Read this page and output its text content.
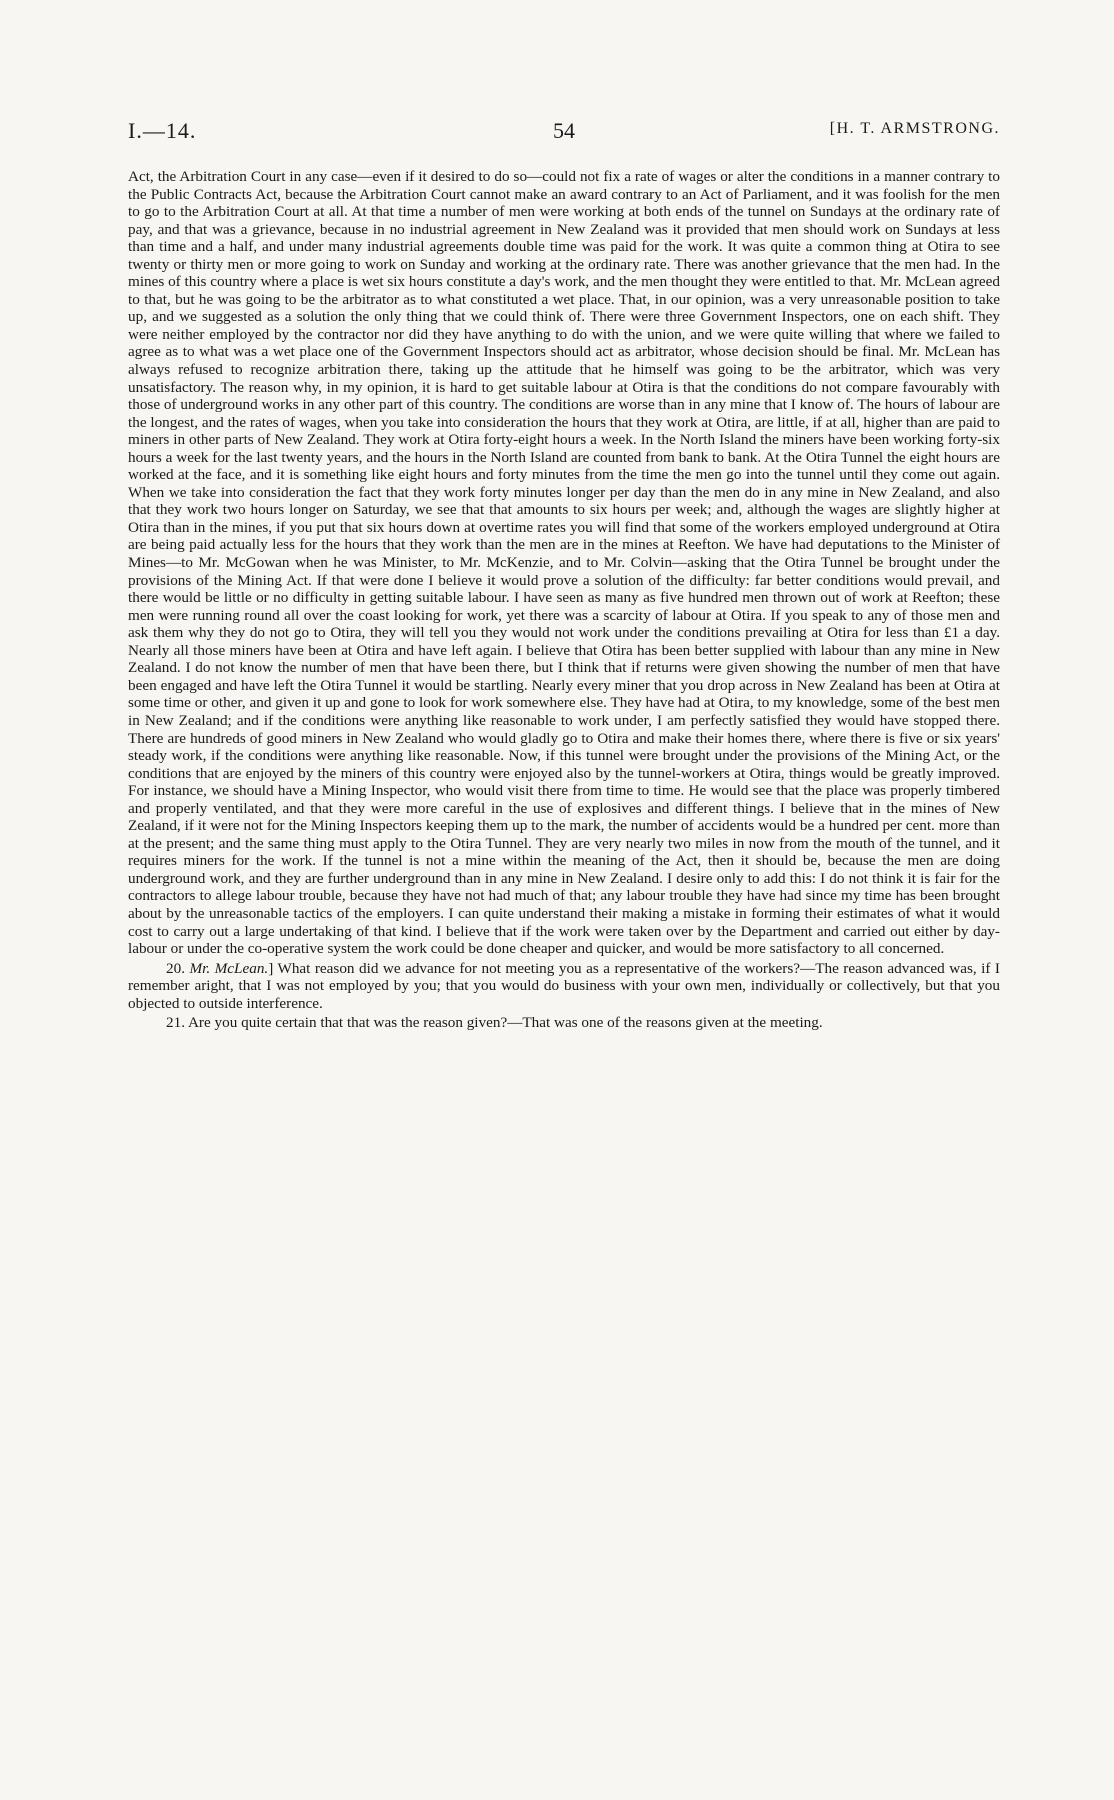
I.—14.	54	[H. T. ARMSTRONG.

Act, the Arbitration Court in any case—even if it desired to do so—could not fix a rate of wages or alter the conditions in a manner contrary to the Public Contracts Act, because the Arbitration Court cannot make an award contrary to an Act of Parliament, and it was foolish for the men to go to the Arbitration Court at all. At that time a number of men were working at both ends of the tunnel on Sundays at the ordinary rate of pay, and that was a grievance, because in no industrial agreement in New Zealand was it provided that men should work on Sundays at less than time and a half, and under many industrial agreements double time was paid for the work. It was quite a common thing at Otira to see twenty or thirty men or more going to work on Sunday and working at the ordinary rate. There was another grievance that the men had. In the mines of this country where a place is wet six hours constitute a day's work, and the men thought they were entitled to that. Mr. McLean agreed to that, but he was going to be the arbitrator as to what constituted a wet place. That, in our opinion, was a very unreasonable position to take up, and we suggested as a solution the only thing that we could think of. There were three Government Inspectors, one on each shift. They were neither employed by the contractor nor did they have anything to do with the union, and we were quite willing that where we failed to agree as to what was a wet place one of the Government Inspectors should act as arbitrator, whose decision should be final. Mr. McLean has always refused to recognize arbitration there, taking up the attitude that he himself was going to be the arbitrator, which was very unsatisfactory. The reason why, in my opinion, it is hard to get suitable labour at Otira is that the conditions do not compare favourably with those of underground works in any other part of this country. The conditions are worse than in any mine that I know of. The hours of labour are the longest, and the rates of wages, when you take into consideration the hours that they work at Otira, are little, if at all, higher than are paid to miners in other parts of New Zealand. They work at Otira forty-eight hours a week. In the North Island the miners have been working forty-six hours a week for the last twenty years, and the hours in the North Island are counted from bank to bank. At the Otira Tunnel the eight hours are worked at the face, and it is something like eight hours and forty minutes from the time the men go into the tunnel until they come out again. When we take into consideration the fact that they work forty minutes longer per day than the men do in any mine in New Zealand, and also that they work two hours longer on Saturday, we see that that amounts to six hours per week; and, although the wages are slightly higher at Otira than in the mines, if you put that six hours down at overtime rates you will find that some of the workers employed underground at Otira are being paid actually less for the hours that they work than the men are in the mines at Reefton. We have had deputations to the Minister of Mines—to Mr. McGowan when he was Minister, to Mr. McKenzie, and to Mr. Colvin—asking that the Otira Tunnel be brought under the provisions of the Mining Act. If that were done I believe it would prove a solution of the difficulty: far better conditions would prevail, and there would be little or no difficulty in getting suitable labour. I have seen as many as five hundred men thrown out of work at Reefton; these men were running round all over the coast looking for work, yet there was a scarcity of labour at Otira. If you speak to any of those men and ask them why they do not go to Otira, they will tell you they would not work under the conditions prevailing at Otira for less than £1 a day. Nearly all those miners have been at Otira and have left again. I believe that Otira has been better supplied with labour than any mine in New Zealand. I do not know the number of men that have been there, but I think that if returns were given showing the number of men that have been engaged and have left the Otira Tunnel it would be startling. Nearly every miner that you drop across in New Zealand has been at Otira at some time or other, and given it up and gone to look for work somewhere else. They have had at Otira, to my knowledge, some of the best men in New Zealand; and if the conditions were anything like reasonable to work under, I am perfectly satisfied they would have stopped there. There are hundreds of good miners in New Zealand who would gladly go to Otira and make their homes there, where there is five or six years' steady work, if the conditions were anything like reasonable. Now, if this tunnel were brought under the provisions of the Mining Act, or the conditions that are enjoyed by the miners of this country were enjoyed also by the tunnel-workers at Otira, things would be greatly improved. For instance, we should have a Mining Inspector, who would visit there from time to time. He would see that the place was properly timbered and properly ventilated, and that they were more careful in the use of explosives and different things. I believe that in the mines of New Zealand, if it were not for the Mining Inspectors keeping them up to the mark, the number of accidents would be a hundred per cent. more than at the present; and the same thing must apply to the Otira Tunnel. They are very nearly two miles in now from the mouth of the tunnel, and it requires miners for the work. If the tunnel is not a mine within the meaning of the Act, then it should be, because the men are doing underground work, and they are further underground than in any mine in New Zealand. I desire only to add this: I do not think it is fair for the contractors to allege labour trouble, because they have not had much of that; any labour trouble they have had since my time has been brought about by the unreasonable tactics of the employers. I can quite understand their making a mistake in forming their estimates of what it would cost to carry out a large undertaking of that kind. I believe that if the work were taken over by the Department and carried out either by day-labour or under the co-operative system the work could be done cheaper and quicker, and would be more satisfactory to all concerned.

20. Mr. McLean.] What reason did we advance for not meeting you as a representative of the workers?—The reason advanced was, if I remember aright, that I was not employed by you; that you would do business with your own men, individually or collectively, but that you objected to outside interference.

21. Are you quite certain that that was the reason given?—That was one of the reasons given at the meeting.
